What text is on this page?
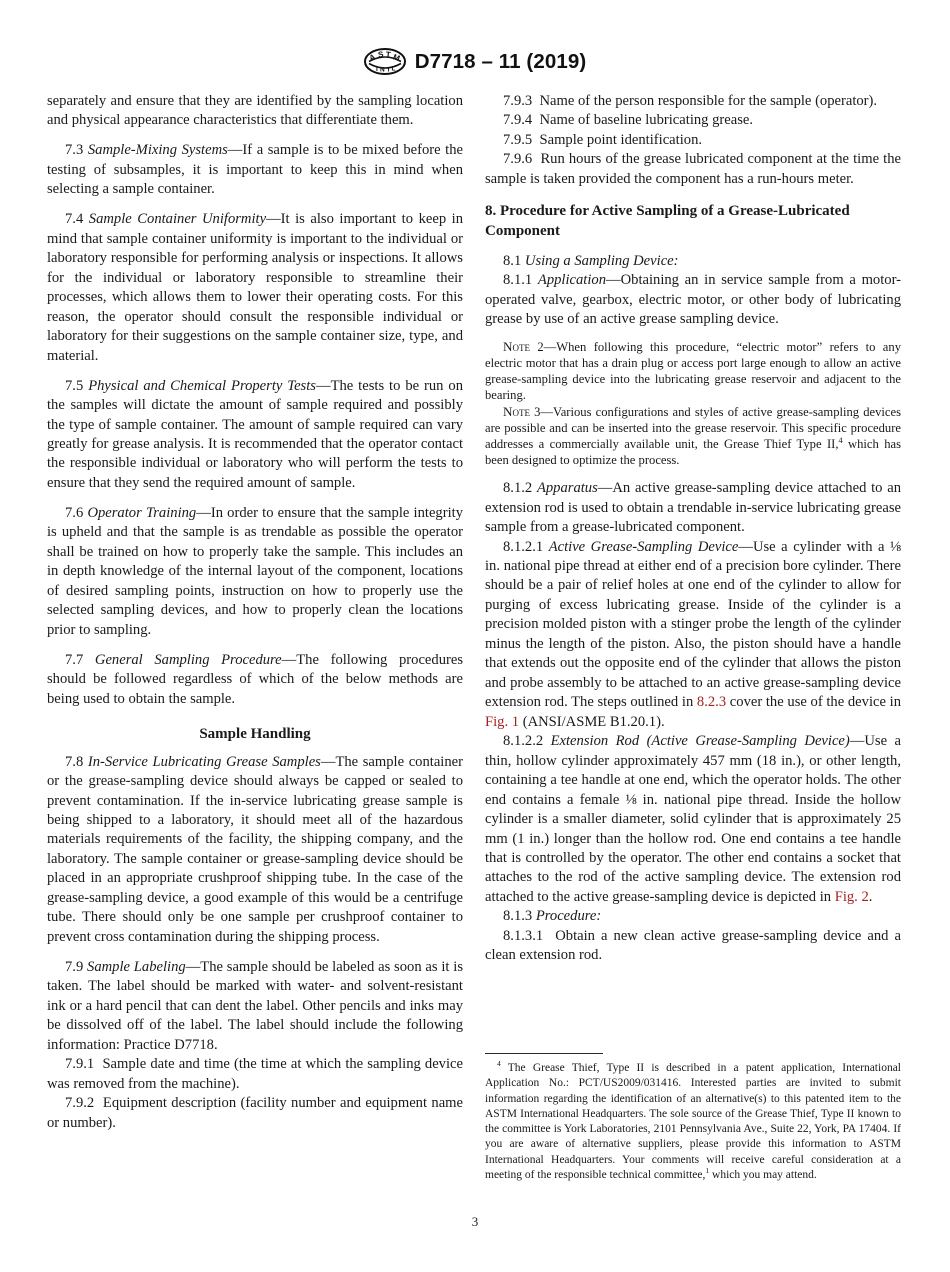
A S T M
I N T L D7718 – 11 (2019)

separately and ensure that they are identified by the sampling location and physical appearance characteristics that differentiate them.

7.3 Sample-Mixing Systems—If a sample is to be mixed before the testing of subsamples, it is important to keep this in mind when selecting a sample container.

7.4 Sample Container Uniformity—It is also important to keep in mind that sample container uniformity is important to the individual or laboratory responsible for performing analysis or inspections. It allows for the individual or laboratory responsible to streamline their processes, which allows them to lower their operating costs. For this reason, the operator should consult the responsible individual or laboratory for their suggestions on the sample container size, type, and material.

7.5 Physical and Chemical Property Tests—The tests to be run on the samples will dictate the amount of sample required and possibly the type of sample container. The amount of sample required can vary greatly for grease analysis. It is recommended that the operator contact the responsible individual or laboratory who will perform the tests to ensure that they send the required amount of sample.

7.6 Operator Training—In order to ensure that the sample integrity is upheld and that the sample is as trendable as possible the operator shall be trained on how to properly take the sample. This includes an in depth knowledge of the internal layout of the component, locations of desired sampling points, instruction on how to properly use the selected sampling devices, and how to properly clean the locations prior to sampling.

7.7 General Sampling Procedure—The following procedures should be followed regardless of which of the below methods are being used to obtain the sample.

Sample Handling

7.8 In-Service Lubricating Grease Samples—The sample container or the grease-sampling device should always be capped or sealed to prevent contamination. If the in-service lubricating grease sample is being shipped to a laboratory, it should meet all of the hazardous materials requirements of the facility, the shipping company, and the laboratory. The sample container or grease-sampling device should be placed in an appropriate crushproof shipping tube. In the case of the grease-sampling device, a good example of this would be a centrifuge tube. There should only be one sample per crushproof container to prevent cross contamination during the shipping process.

7.9 Sample Labeling—The sample should be labeled as soon as it is taken. The label should be marked with water- and solvent-resistant ink or a hard pencil that can dent the label. Other pencils and inks may be dissolved off of the label. The label should include the following information: Practice D7718.

7.9.1 Sample date and time (the time at which the sampling device was removed from the machine).

7.9.2 Equipment description (facility number and equipment name or number).

7.9.3 Name of the person responsible for the sample (operator).

7.9.4 Name of baseline lubricating grease.

7.9.5 Sample point identification.

7.9.6 Run hours of the grease lubricated component at the time the sample is taken provided the component has a run-hours meter.

8. Procedure for Active Sampling of a Grease-Lubricated Component

8.1 Using a Sampling Device:

8.1.1 Application—Obtaining an in service sample from a motor-operated valve, gearbox, electric motor, or other body of lubricating grease by use of an active grease sampling device.

Note 2—When following this procedure, “electric motor” refers to any electric motor that has a drain plug or access port large enough to allow an active grease-sampling device into the lubricating grease reservoir and adjacent to the bearing.

Note 3—Various configurations and styles of active grease-sampling devices are possible and can be inserted into the grease reservoir. This specific procedure addresses a commercially available unit, the Grease Thief Type II,$^4$ which has been designed to optimize the process.

8.1.2 Apparatus—An active grease-sampling device attached to an extension rod is used to obtain a trendable in-service lubricating grease sample from a grease-lubricated component.

8.1.2.1 Active Grease-Sampling Device—Use a cylinder with a ⅛ in. national pipe thread at either end of a precision bore cylinder. There should be a pair of relief holes at one end of the cylinder to allow for purging of excess lubricating grease. Inside of the cylinder is a precision molded piston with a stinger probe the length of the cylinder minus the length of the piston. Also, the piston should have a handle that extends out the opposite end of the cylinder that allows the piston and probe assembly to be attached to an active grease-sampling device extension rod. The steps outlined in 8.2.3 cover the use of the device in Fig. 1 (ANSI/ASME B1.20.1).

8.1.2.2 Extension Rod (Active Grease-Sampling Device)—Use a thin, hollow cylinder approximately 457 mm (18 in.), or other length, containing a tee handle at one end, which the operator holds. The other end contains a female ⅛ in. national pipe thread. Inside the hollow cylinder is a smaller diameter, solid cylinder that is approximately 25 mm (1 in.) longer than the hollow rod. One end contains a tee handle that is controlled by the operator. The other end contains a socket that attaches to the rod of the active sampling device. The extension rod attached to the active grease-sampling device is depicted in Fig. 2.

8.1.3 Procedure:

8.1.3.1 Obtain a new clean active grease-sampling device and a clean extension rod.

$^4$ The Grease Thief, Type II is described in a patent application, International Application No.: PCT/US2009/031416. Interested parties are invited to submit information regarding the identification of an alternative(s) to this patented item to the ASTM International Headquarters. The sole source of the Grease Thief, Type II known to the committee is York Laboratories, 2101 Pennsylvania Ave., Suite 22, York, PA 17404. If you are aware of alternative suppliers, please provide this information to ASTM International Headquarters. Your comments will receive careful consideration at a meeting of the responsible technical committee,$^1$ which you may attend.

3
